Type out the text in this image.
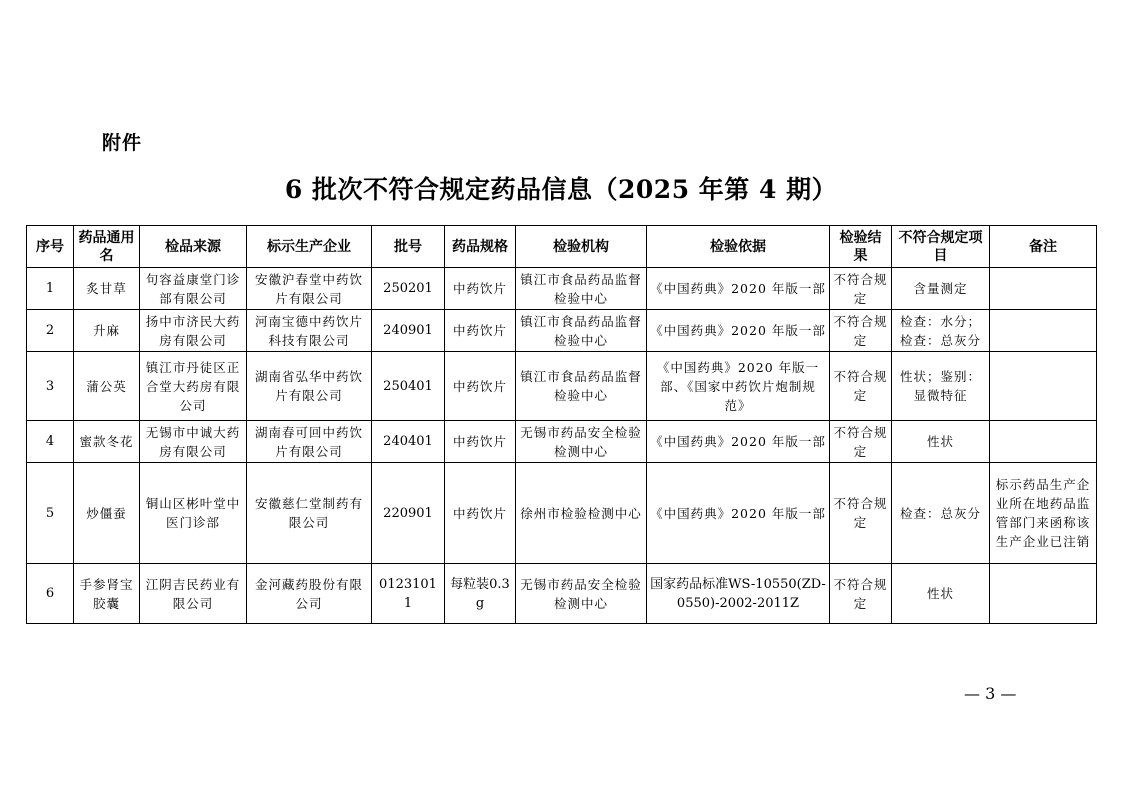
附件
6 批次不符合规定药品信息（2025 年第 4 期）
序号	药品通用名	检品来源	标示生产企业	批号	药品规格	检验机构	检验依据	检验结果	不符合规定项目	备注
1	炙甘草	句容益康堂门诊部有限公司	安徽沪春堂中药饮片有限公司	250201	中药饮片	镇江市食品药品监督检验中心	《中国药典》2020 年版一部	不符合规定	含量测定	
2	升麻	扬中市济民大药房有限公司	河南宝德中药饮片科技有限公司	240901	中药饮片	镇江市食品药品监督检验中心	《中国药典》2020 年版一部	不符合规定	检查：水分；检查：总灰分	
3	蒲公英	镇江市丹徒区正合堂大药房有限公司	湖南省弘华中药饮片有限公司	250401	中药饮片	镇江市食品药品监督检验中心	《中国药典》2020 年版一部、《国家中药饮片炮制规范》	不符合规定	性状；鉴别：显微特征	
4	蜜款冬花	无锡市中诚大药房有限公司	湖南春可回中药饮片有限公司	240401	中药饮片	无锡市药品安全检验检测中心	《中国药典》2020 年版一部	不符合规定	性状	
5	炒僵蚕	铜山区彬叶堂中医门诊部	安徽慈仁堂制药有限公司	220901	中药饮片	徐州市检验检测中心	《中国药典》2020 年版一部	不符合规定	检查：总灰分	标示药品生产企业所在地药品监管部门来函称该生产企业已注销
6	手参肾宝胶囊	江阴吉民药业有限公司	金河藏药股份有限公司	01231011	每粒装0.3g	无锡市药品安全检验检测中心	国家药品标准WS-10550(ZD-0550)-2002-2011Z	不符合规定	性状	
— 3 —
